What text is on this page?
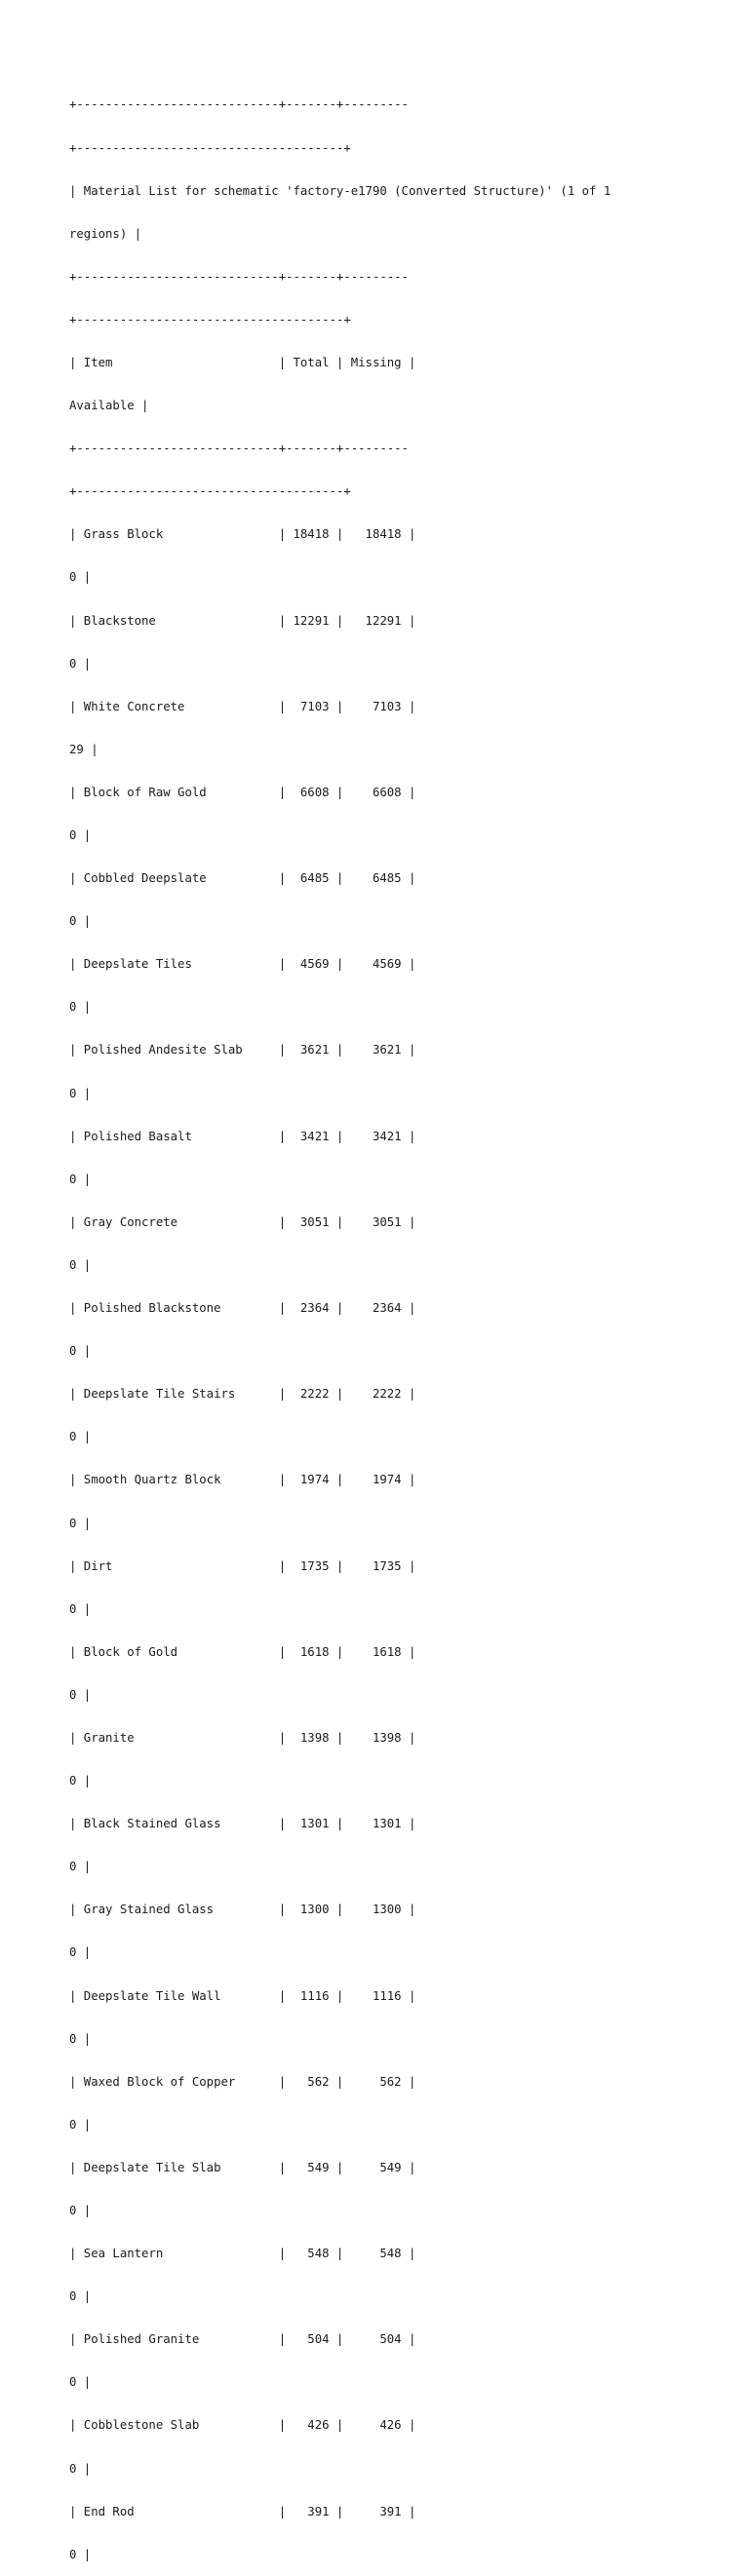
+----------------------------+-------+---------

+-------------------------------------+

| Material List for schematic 'factory-e1790 (Converted Structure)' (1 of 1

regions) |

+----------------------------+-------+---------

+-------------------------------------+

| Item                       | Total | Missing |

Available |

+----------------------------+-------+---------

+-------------------------------------+

| Grass Block                | 18418 |   18418 |

0 |

| Blackstone                 | 12291 |   12291 |

0 |

| White Concrete             |  7103 |    7103 |

29 |

| Block of Raw Gold          |  6608 |    6608 |

0 |

| Cobbled Deepslate          |  6485 |    6485 |

0 |

| Deepslate Tiles            |  4569 |    4569 |

0 |

| Polished Andesite Slab     |  3621 |    3621 |

0 |

| Polished Basalt            |  3421 |    3421 |

0 |

| Gray Concrete              |  3051 |    3051 |

0 |

| Polished Blackstone        |  2364 |    2364 |

0 |

| Deepslate Tile Stairs      |  2222 |    2222 |

0 |

| Smooth Quartz Block        |  1974 |    1974 |

0 |

| Dirt                       |  1735 |    1735 |

0 |

| Block of Gold              |  1618 |    1618 |

0 |

| Granite                    |  1398 |    1398 |

0 |

| Black Stained Glass        |  1301 |    1301 |

0 |

| Gray Stained Glass         |  1300 |    1300 |

0 |

| Deepslate Tile Wall        |  1116 |    1116 |

0 |

| Waxed Block of Copper      |   562 |     562 |

0 |

| Deepslate Tile Slab        |   549 |     549 |

0 |

| Sea Lantern                |   548 |     548 |

0 |

| Polished Granite           |   504 |     504 |

0 |

| Cobblestone Slab           |   426 |     426 |

0 |

| End Rod                    |   391 |     391 |

0 |
